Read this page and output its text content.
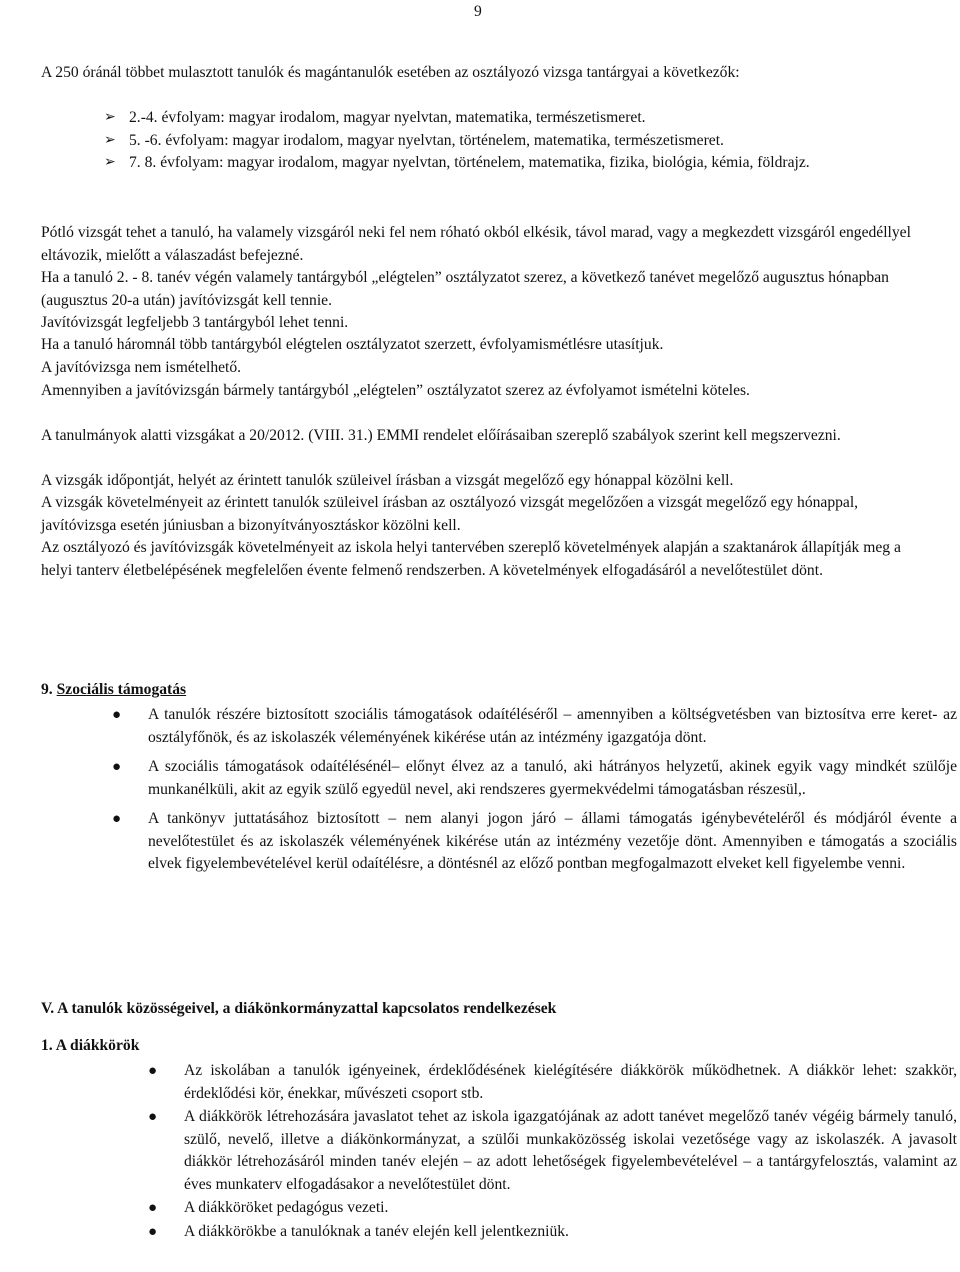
9

A 250 óránál többet mulasztott tanulók és magántanulók esetében az osztályozó vizsga tantárgyai a következők:

➢ 2.-4. évfolyam: magyar irodalom, magyar nyelvtan, matematika, természetismeret.
➢ 5. -6. évfolyam: magyar irodalom, magyar nyelvtan, történelem, matematika, természetismeret.
➢ 7. 8. évfolyam: magyar irodalom, magyar nyelvtan, történelem, matematika, fizika, biológia, kémia, földrajz.

Pótló vizsgát tehet a tanuló, ha valamely vizsgáról neki fel nem róható okból elkésik, távol marad, vagy a megkezdett vizsgáról engedéllyel eltávozik, mielőtt a válaszadást befejezné.

Ha a tanuló 2. - 8. tanév végén valamely tantárgyból „elégtelen” osztályzatot szerez, a következő tanévet megelőző augusztus hónapban (augusztus 20-a után) javítóvizsgát kell tennie.

Javítóvizsgát legfeljebb 3 tantárgyból lehet tenni.

Ha a tanuló háromnál több tantárgyból elégtelen osztályzatot szerzett, évfolyamismétlésre utasítjuk.

A javítóvizsga nem ismételhető.

Amennyiben a javítóvizsgán bármely tantárgyból „elégtelen” osztályzatot szerez az évfolyamot ismételni köteles.

A tanulmányok alatti vizsgákat a 20/2012. (VIII. 31.) EMMI rendelet előírásaiban szereplő szabályok szerint kell megszervezni.

A vizsgák időpontját, helyét az érintett tanulók szüleivel írásban a vizsgát megelőző egy hónappal közölni kell.

A vizsgák követelményeit az érintett tanulók szüleivel írásban az osztályozó vizsgát megelőzően a vizsgát megelőző egy hónappal, javítóvizsga esetén júniusban a bizonyítványosztáskor közölni kell.

Az osztályozó és javítóvizsgák követelményeit az iskola helyi tantervében szereplő követelmények alapján a szaktanárok állapítják meg a helyi tanterv életbelépésének megfelelően évente felmenő rendszerben. A követelmények elfogadásáról a nevelőtestület dönt.

9. Szociális támogatás
● A tanulók részére biztosított szociális támogatások odaítéléséről – amennyiben a költségvetésben van biztosítva erre keret- az osztályfőnök, és az iskolaszék véleményének kikérése után az intézmény igazgatója dönt.
● A szociális támogatások odaítélésénél– előnyt élvez az a tanuló, aki hátrányos helyzetű, akinek egyik vagy mindkét szülője munkanélküli, akit az egyik szülő egyedül nevel, aki rendszeres gyermekvédelmi támogatásban részesül,.
● A tankönyv juttatásához biztosított – nem alanyi jogon járó – állami támogatás igénybevételéről és módjáról évente a nevelőtestület és az iskolaszék véleményének kikérése után az intézmény vezetője dönt. Amennyiben e támogatás a szociális elvek figyelembevételével kerül odaítélésre, a döntésnél az előző pontban megfogalmazott elveket kell figyelembe venni.
V. A tanulók közösségeivel, a diákönkormányzattal kapcsolatos rendelkezések
1. A diákkörök
● Az iskolában a tanulók igényeinek, érdeklődésének kielégítésére diákkörök működhetnek. A diákkör lehet: szakkör, érdeklődési kör, énekkar, művészeti csoport stb.
● A diákkörök létrehozására javaslatot tehet az iskola igazgatójának az adott tanévet megelőző tanév végéig bármely tanuló, szülő, nevelő, illetve a diákönkormányzat, a szülői munkaközösség iskolai vezetősége vagy az iskolaszék. A javasolt diákkör létrehozásáról minden tanév elején – az adott lehetőségek figyelembevételével – a tantárgyfelosztás, valamint az éves munkaterv elfogadásakor a nevelőtestület dönt.
● A diákköröket pedagógus vezeti.
● A diákkörökbe a tanulóknak a tanév elején kell jelentkezniük.
